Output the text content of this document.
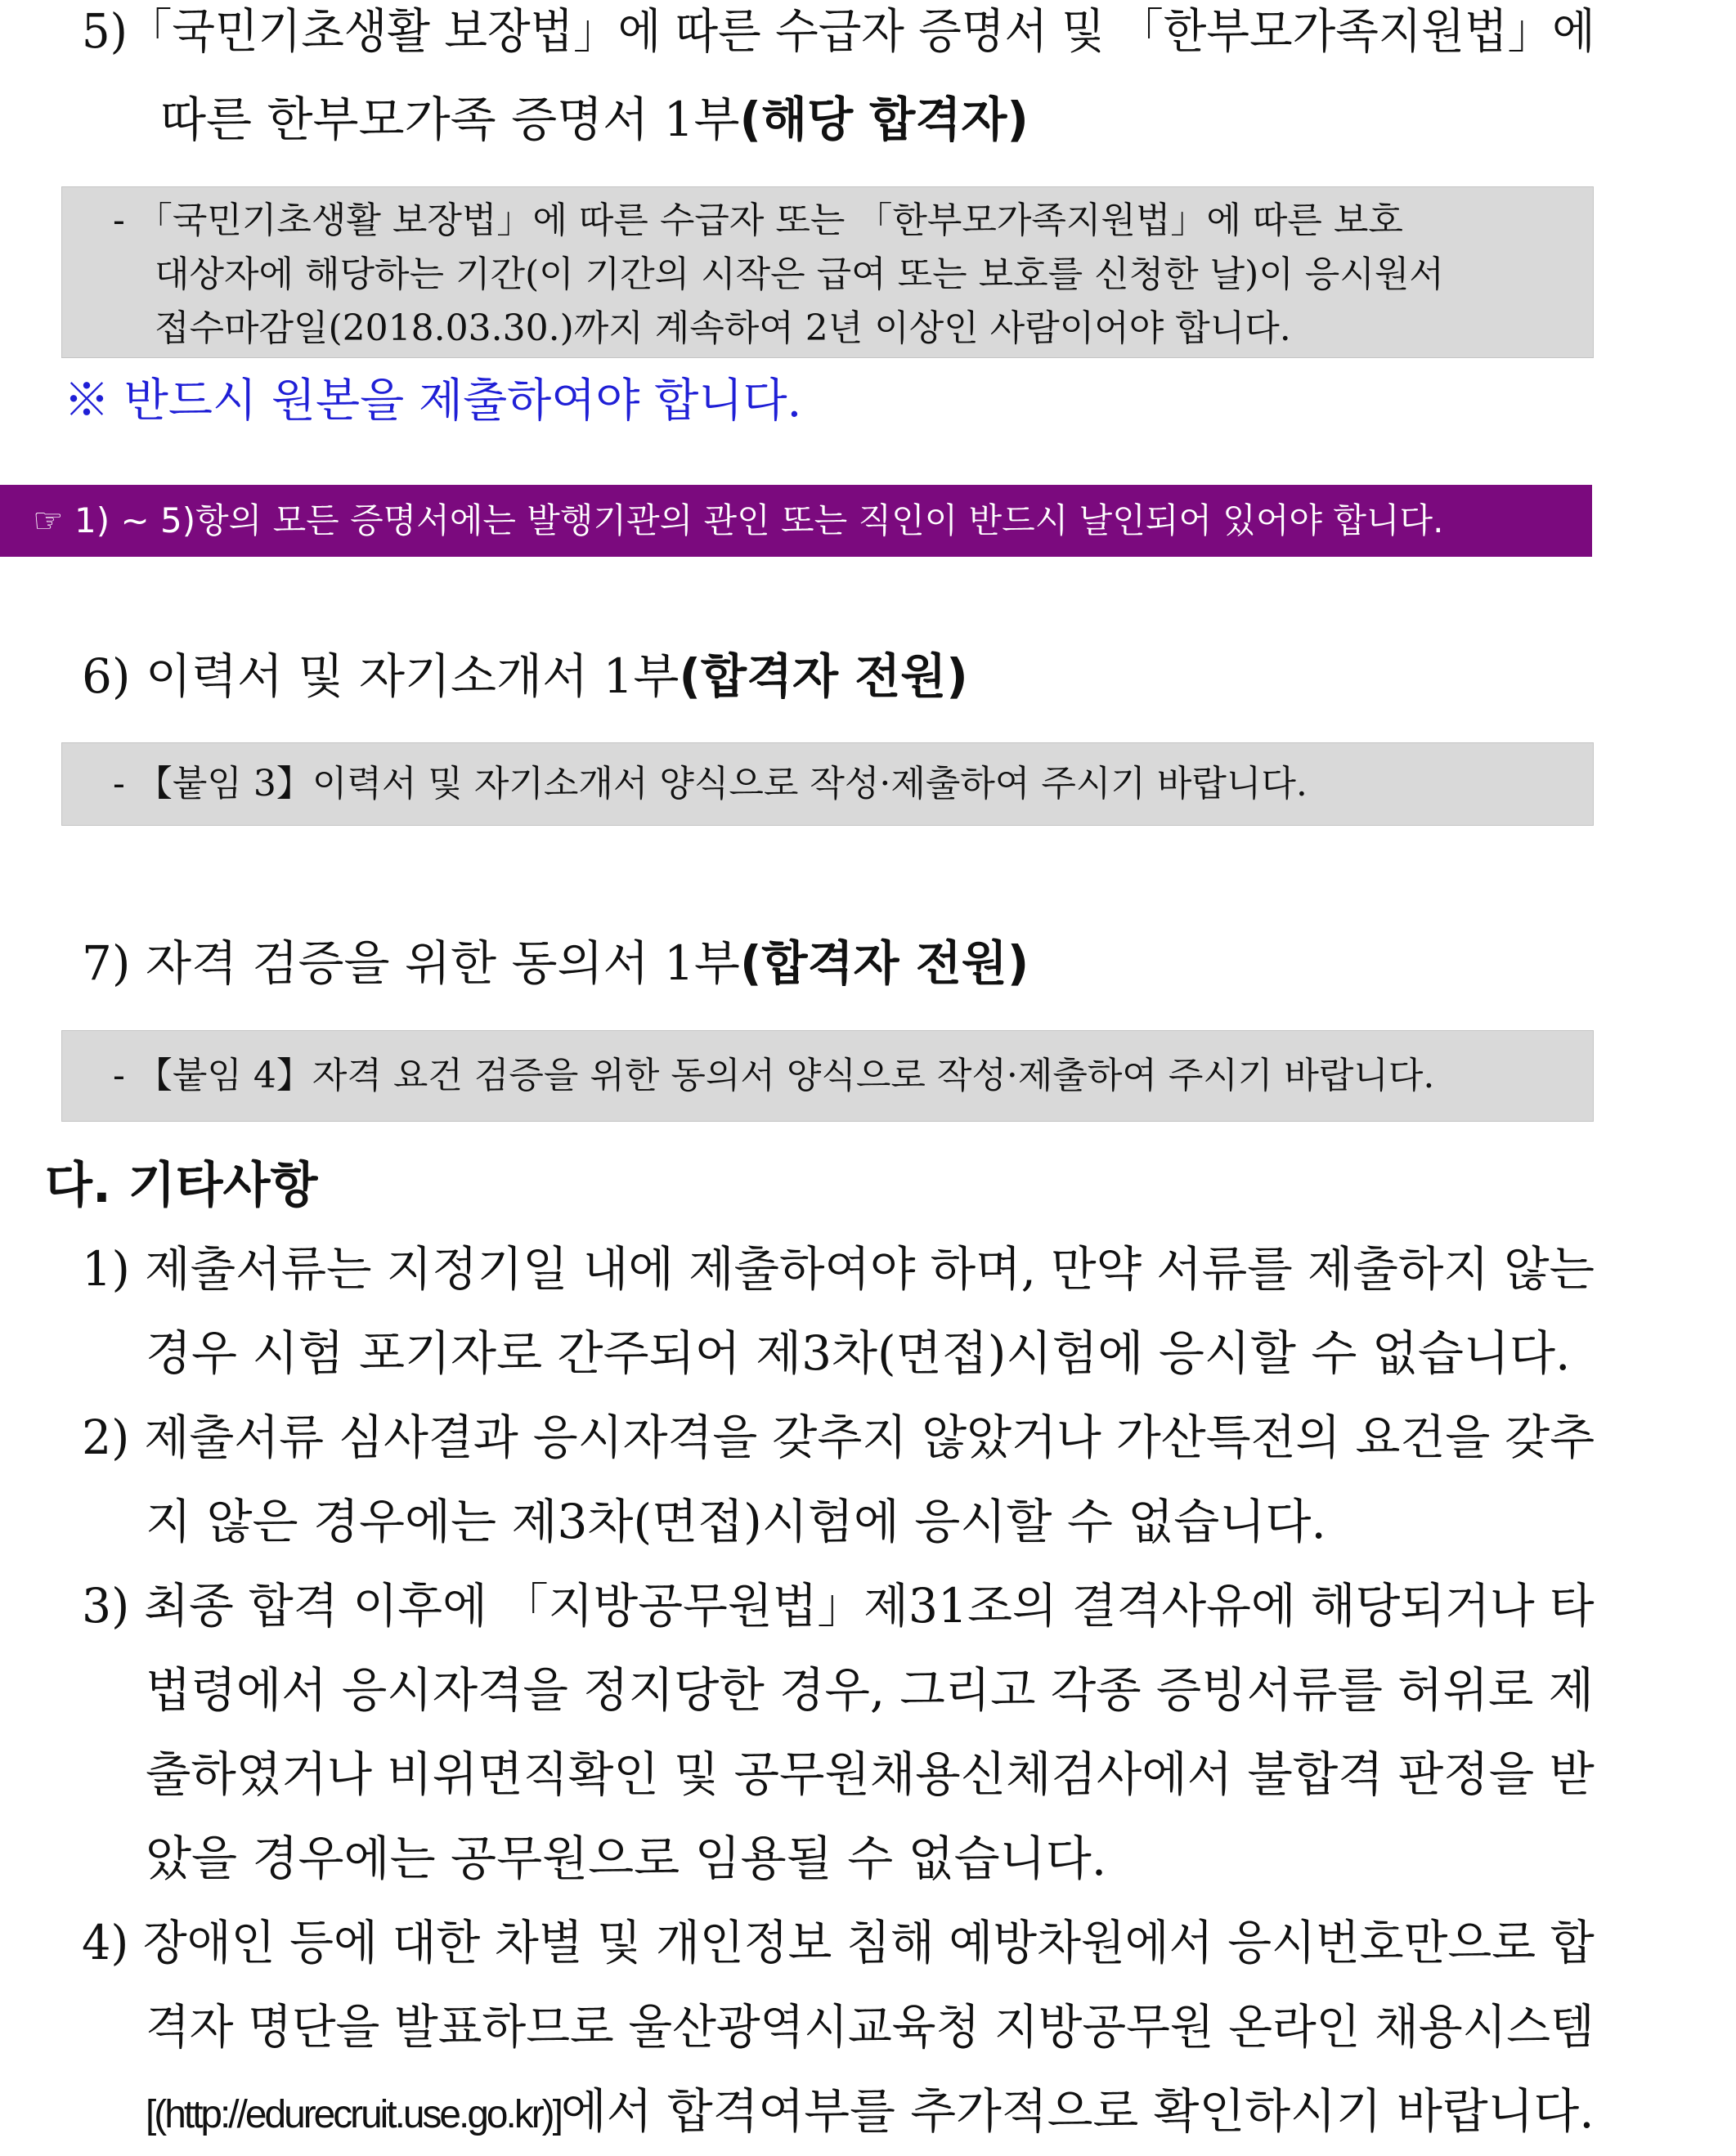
5)「국민기초생활 보장법」에 따른 수급자 증명서 및 「한부모가족지원법」에
따른 한부모가족 증명서 1부(해당 합격자)
- 「국민기초생활 보장법」에 따른 수급자 또는 「한부모가족지원법」에 따른 보호
대상자에 해당하는 기간(이 기간의 시작은 급여 또는 보호를 신청한 날)이 응시원서
접수마감일(2018.03.30.)까지 계속하여 2년 이상인 사람이어야 합니다.
※ 반드시 원본을 제출하여야 합니다.
☞ 1) ~ 5)항의 모든 증명서에는 발행기관의 관인 또는 직인이 반드시 날인되어 있어야 합니다.
6) 이력서 및 자기소개서 1부(합격자 전원)
- 【붙임 3】이력서 및 자기소개서 양식으로 작성·제출하여 주시기 바랍니다.
7) 자격 검증을 위한 동의서 1부(합격자 전원)
- 【붙임 4】자격 요건 검증을 위한 동의서 양식으로 작성·제출하여 주시기 바랍니다.
다. 기타사항
1) 제출서류는 지정기일 내에 제출하여야 하며, 만약 서류를 제출하지 않는
경우 시험 포기자로 간주되어 제3차(면접)시험에 응시할 수 없습니다.
2) 제출서류 심사결과 응시자격을 갖추지 않았거나 가산특전의 요건을 갖추
지 않은 경우에는 제3차(면접)시험에 응시할 수 없습니다.
3) 최종 합격 이후에 「지방공무원법」제31조의 결격사유에 해당되거나 타
법령에서 응시자격을 정지당한 경우, 그리고 각종 증빙서류를 허위로 제
출하였거나 비위면직확인 및 공무원채용신체검사에서 불합격 판정을 받
았을 경우에는 공무원으로 임용될 수 없습니다.
4) 장애인 등에 대한 차별 및 개인정보 침해 예방차원에서 응시번호만으로 합
격자 명단을 발표하므로 울산광역시교육청 지방공무원 온라인 채용시스템
[(http://edurecruit.use.go.kr)]에서 합격여부를 추가적으로 확인하시기 바랍니다.
